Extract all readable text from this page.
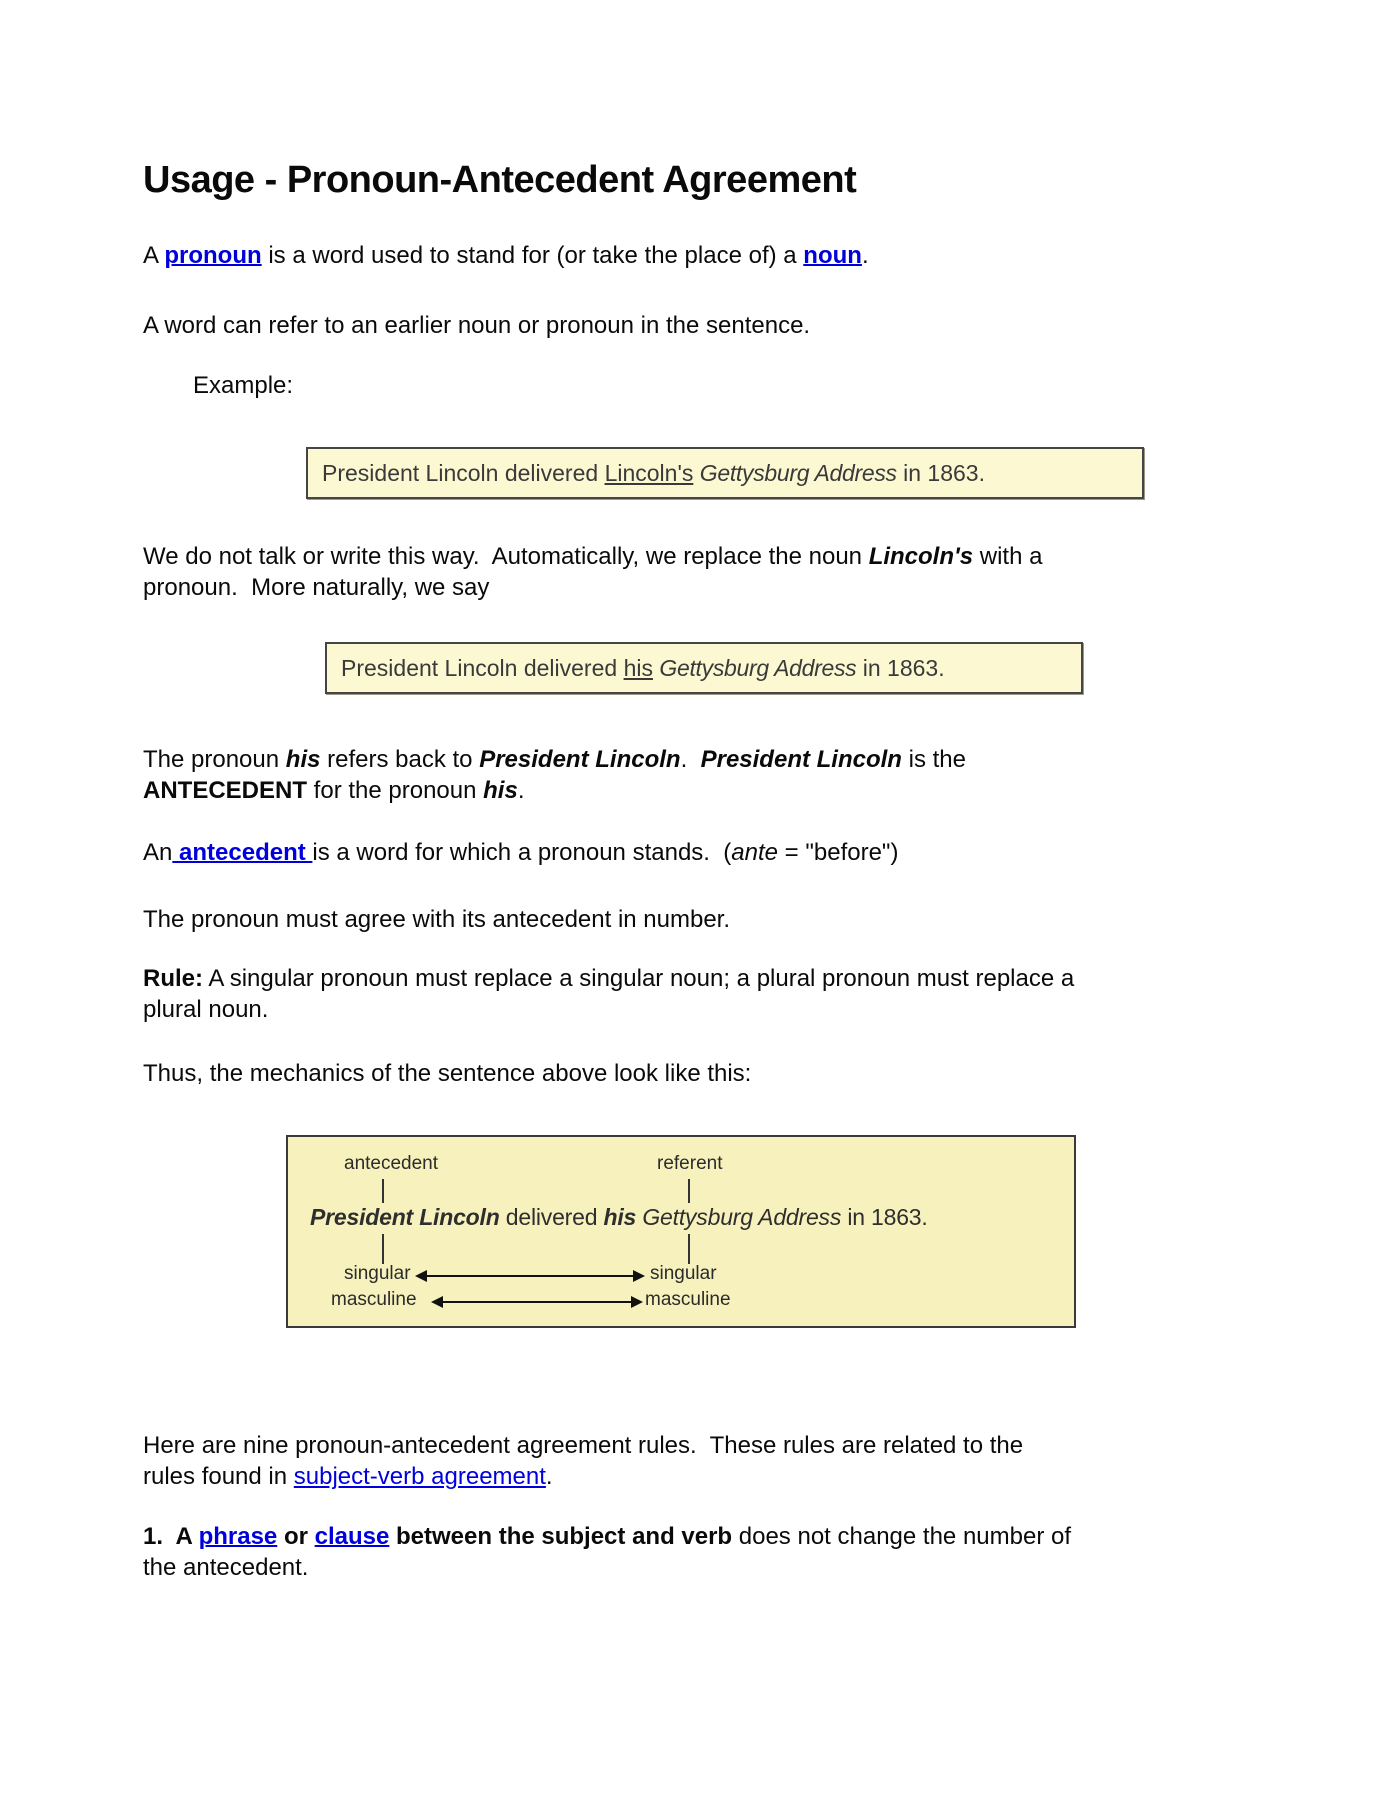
Usage - Pronoun-Antecedent Agreement
A pronoun is a word used to stand for (or take the place of) a noun.
A word can refer to an earlier noun or pronoun in the sentence.
Example:
President Lincoln delivered Lincoln's Gettysburg Address in 1863.
We do not talk or write this way.  Automatically, we replace the noun Lincoln's with a
pronoun.  More naturally, we say
President Lincoln delivered his Gettysburg Address in 1863.
The pronoun his refers back to President Lincoln.  President Lincoln is the
ANTECEDENT for the pronoun his.
An antecedent is a word for which a pronoun stands.  (ante = "before")
The pronoun must agree with its antecedent in number.
Rule: A singular pronoun must replace a singular noun; a plural pronoun must replace a
plural noun.
Thus, the mechanics of the sentence above look like this:
antecedent	referent
President Lincoln delivered his Gettysburg Address in 1863.
singular	singular
masculine	masculine
Here are nine pronoun-antecedent agreement rules.  These rules are related to the
rules found in subject-verb agreement.
1.  A phrase or clause between the subject and verb does not change the number of
the antecedent.
